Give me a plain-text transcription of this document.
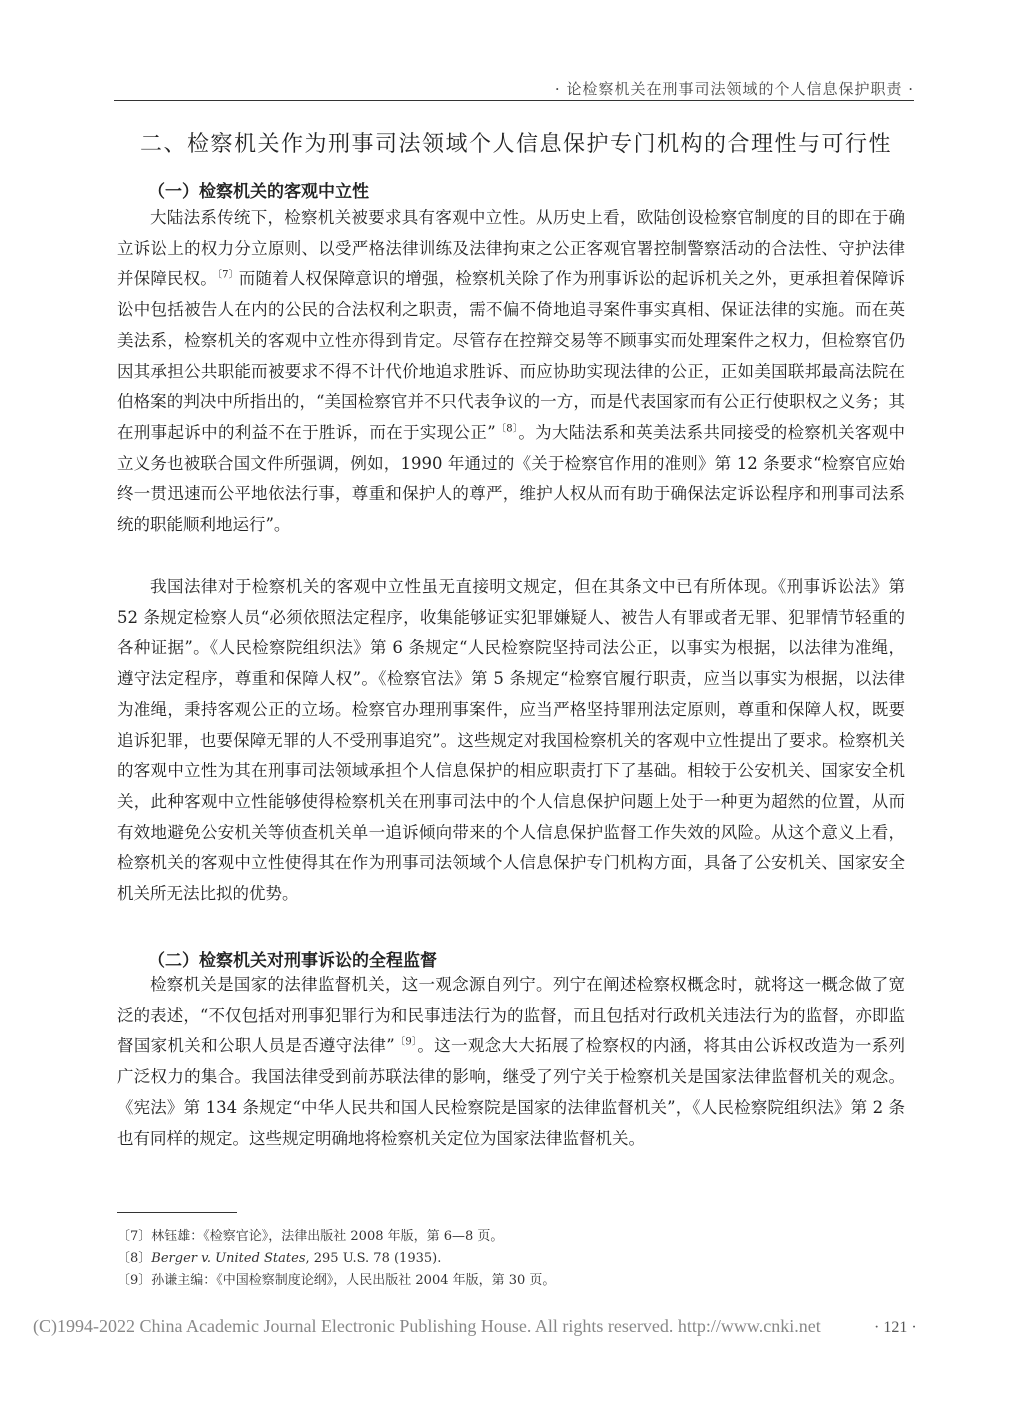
· 论检察机关在刑事司法领域的个人信息保护职责 ·
二、检察机关作为刑事司法领域个人信息保护专门机构的合理性与可行性
（一）检察机关的客观中立性

大陆法系传统下，检察机关被要求具有客观中立性。从历史上看，欧陆创设检察官制度的目的即在于确立诉讼上的权力分立原则、以受严格法律训练及法律拘束之公正客观官署控制警察活动的合法性、守护法律并保障民权。$^{〔7〕}$而随着人权保障意识的增强，检察机关除了作为刑事诉讼的起诉机关之外，更承担着保障诉讼中包括被告人在内的公民的合法权利之职责，需不偏不倚地追寻案件事实真相、保证法律的实施。而在英美法系，检察机关的客观中立性亦得到肯定。尽管存在控辩交易等不顾事实而处理案件之权力，但检察官仍因其承担公共职能而被要求不得不计代价地追求胜诉、而应协助实现法律的公正，正如美国联邦最高法院在伯格案的判决中所指出的，“美国检察官并不只代表争议的一方，而是代表国家而有公正行使职权之义务；其在刑事起诉中的利益不在于胜诉，而在于实现公正”$^{〔8〕}$。为大陆法系和英美法系共同接受的检察机关客观中立义务也被联合国文件所强调，例如，1990 年通过的《关于检察官作用的准则》第 12 条要求“检察官应始终一贯迅速而公平地依法行事，尊重和保护人的尊严，维护人权从而有助于确保法定诉讼程序和刑事司法系统的职能顺利地运行”。

我国法律对于检察机关的客观中立性虽无直接明文规定，但在其条文中已有所体现。《刑事诉讼法》第 52 条规定检察人员“必须依照法定程序，收集能够证实犯罪嫌疑人、被告人有罪或者无罪、犯罪情节轻重的各种证据”。《人民检察院组织法》第 6 条规定“人民检察院坚持司法公正，以事实为根据，以法律为准绳，遵守法定程序，尊重和保障人权”。《检察官法》第 5 条规定“检察官履行职责，应当以事实为根据，以法律为准绳，秉持客观公正的立场。检察官办理刑事案件，应当严格坚持罪刑法定原则，尊重和保障人权，既要追诉犯罪，也要保障无罪的人不受刑事追究”。这些规定对我国检察机关的客观中立性提出了要求。检察机关的客观中立性为其在刑事司法领域承担个人信息保护的相应职责打下了基础。相较于公安机关、国家安全机关，此种客观中立性能够使得检察机关在刑事司法中的个人信息保护问题上处于一种更为超然的位置，从而有效地避免公安机关等侦查机关单一追诉倾向带来的个人信息保护监督工作失效的风险。从这个意义上看，检察机关的客观中立性使得其在作为刑事司法领域个人信息保护专门机构方面，具备了公安机关、国家安全机关所无法比拟的优势。

（二）检察机关对刑事诉讼的全程监督

检察机关是国家的法律监督机关，这一观念源自列宁。列宁在阐述检察权概念时，就将这一概念做了宽泛的表述，“不仅包括对刑事犯罪行为和民事违法行为的监督，而且包括对行政机关违法行为的监督，亦即监督国家机关和公职人员是否遵守法律”$^{〔9〕}$。这一观念大大拓展了检察权的内涵，将其由公诉权改造为一系列广泛权力的集合。我国法律受到前苏联法律的影响，继受了列宁关于检察机关是国家法律监督机关的观念。《宪法》第 134 条规定“中华人民共和国人民检察院是国家的法律监督机关”，《人民检察院组织法》第 2 条也有同样的规定。这些规定明确地将检察机关定位为国家法律监督机关。

〔7〕林钰雄：《检察官论》，法律出版社 2008 年版，第 6—8 页。
〔8〕Berger v. United States, 295 U.S. 78 (1935).
〔9〕孙谦主编：《中国检察制度论纲》，人民出版社 2004 年版，第 30 页。
(C)1994-2022 China Academic Journal Electronic Publishing House. All rights reserved. http://www.cnki.net	· 121 ·
